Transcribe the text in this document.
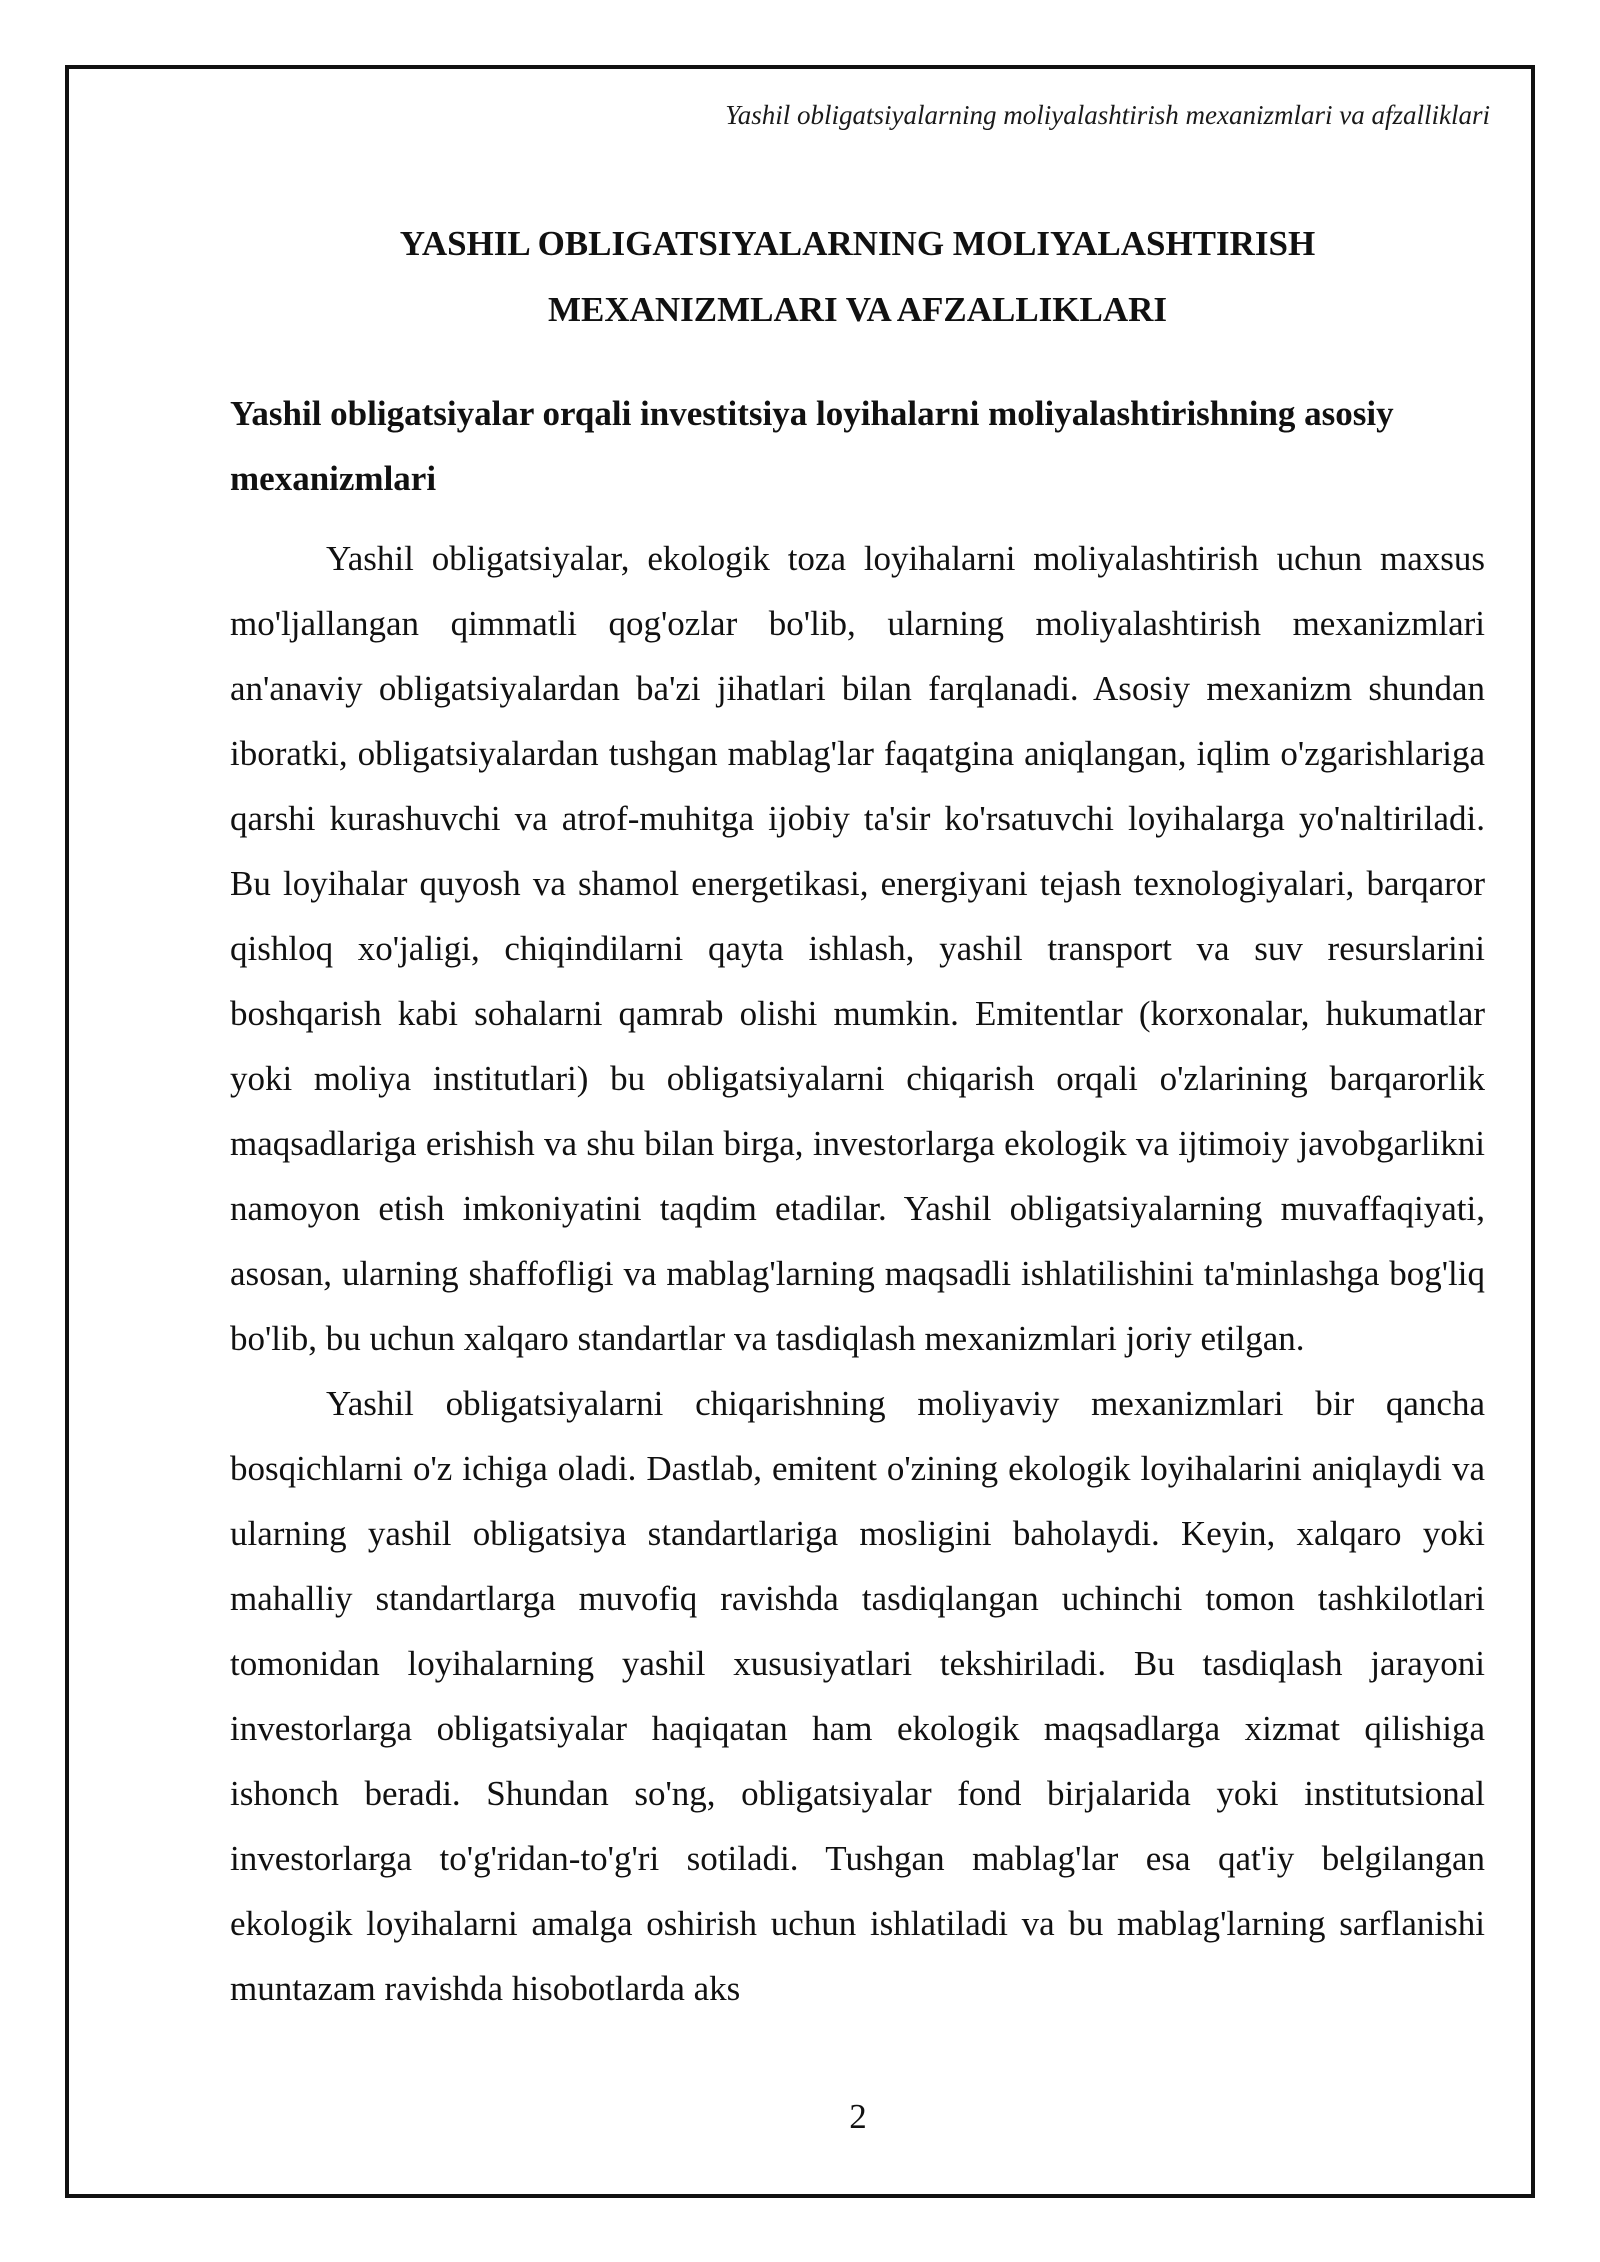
Yashil obligatsiyalarning moliyalashtirish mexanizmlari va afzalliklari
YASHIL OBLIGATSIYALARNING MOLIYALASHTIRISH
MEXANIZMLARI VA AFZALLIKLARI
Yashil obligatsiyalar orqali investitsiya loyihalarni moliyalashtirishning asosiy mexanizmlari

Yashil obligatsiyalar, ekologik toza loyihalarni moliyalashtirish uchun maxsus mo'ljallangan qimmatli qog'ozlar bo'lib, ularning moliyalashtirish mexanizmlari an'anaviy obligatsiyalardan ba'zi jihatlari bilan farqlanadi. Asosiy mexanizm shundan iboratki, obligatsiyalardan tushgan mablag'lar faqatgina aniqlangan, iqlim o'zgarishlariga qarshi kurashuvchi va atrof-muhitga ijobiy ta'sir ko'rsatuvchi loyihalarga yo'naltiriladi. Bu loyihalar quyosh va shamol energetikasi, energiyani tejash texnologiyalari, barqaror qishloq xo'jaligi, chiqindilarni qayta ishlash, yashil transport va suv resurslarini boshqarish kabi sohalarni qamrab olishi mumkin. Emitentlar (korxonalar, hukumatlar yoki moliya institutlari) bu obligatsiyalarni chiqarish orqali o'zlarining barqarorlik maqsadlariga erishish va shu bilan birga, investorlarga ekologik va ijtimoiy javobgarlikni namoyon etish imkoniyatini taqdim etadilar. Yashil obligatsiyalarning muvaffaqiyati, asosan, ularning shaffofligi va mablag'larning maqsadli ishlatilishini ta'minlashga bog'liq bo'lib, bu uchun xalqaro standartlar va tasdiqlash mexanizmlari joriy etilgan.

Yashil obligatsiyalarni chiqarishning moliyaviy mexanizmlari bir qancha bosqichlarni o'z ichiga oladi. Dastlab, emitent o'zining ekologik loyihalarini aniqlaydi va ularning yashil obligatsiya standartlariga mosligini baholaydi. Keyin, xalqaro yoki mahalliy standartlarga muvofiq ravishda tasdiqlangan uchinchi tomon tashkilotlari tomonidan loyihalarning yashil xususiyatlari tekshiriladi. Bu tasdiqlash jarayoni investorlarga obligatsiyalar haqiqatan ham ekologik maqsadlarga xizmat qilishiga ishonch beradi. Shundan so'ng, obligatsiyalar fond birjalarida yoki institutsional investorlarga to'g'ridan-to'g'ri sotiladi. Tushgan mablag'lar esa qat'iy belgilangan ekologik loyihalarni amalga oshirish uchun ishlatiladi va bu mablag'larning sarflanishi muntazam ravishda hisobotlarda aks

2
